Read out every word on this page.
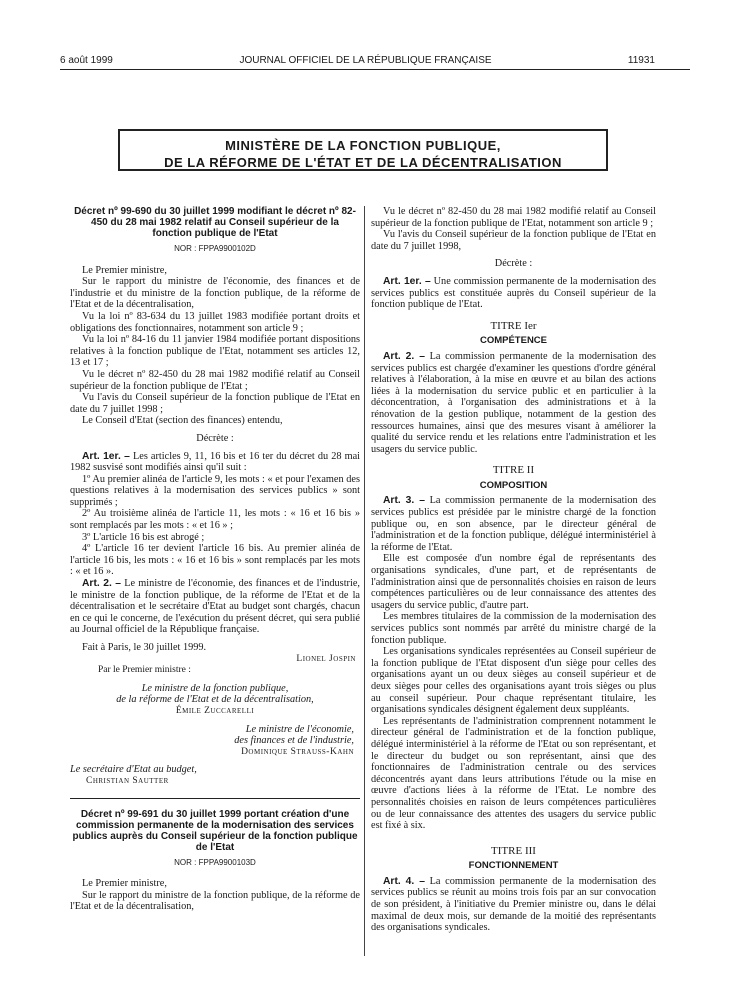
6 août 1999	JOURNAL OFFICIEL DE LA RÉPUBLIQUE FRANÇAISE	11931
MINISTÈRE DE LA FONCTION PUBLIQUE,
DE LA RÉFORME DE L'ÉTAT ET DE LA DÉCENTRALISATION
Décret nº 99-690 du 30 juillet 1999 modifiant le décret nº 82-450 du 28 mai 1982 relatif au Conseil supérieur de la fonction publique de l'Etat
NOR : FPPA9900102D

Le Premier ministre,

Sur le rapport du ministre de l'économie, des finances et de l'industrie et du ministre de la fonction publique, de la réforme de l'Etat et de la décentralisation,

Vu la loi nº 83-634 du 13 juillet 1983 modifiée portant droits et obligations des fonctionnaires, notamment son article 9 ;

Vu la loi nº 84-16 du 11 janvier 1984 modifiée portant dispositions relatives à la fonction publique de l'Etat, notamment ses articles 12, 13 et 17 ;

Vu le décret nº 82-450 du 28 mai 1982 modifié relatif au Conseil supérieur de la fonction publique de l'Etat ;

Vu l'avis du Conseil supérieur de la fonction publique de l'Etat en date du 7 juillet 1998 ;

Le Conseil d'Etat (section des finances) entendu,

Décrète :

Art. 1er. – Les articles 9, 11, 16 bis et 16 ter du décret du 28 mai 1982 susvisé sont modifiés ainsi qu'il suit :

1º Au premier alinéa de l'article 9, les mots : « et pour l'examen des questions relatives à la modernisation des services publics » sont supprimés ;

2º Au troisième alinéa de l'article 11, les mots : « 16 et 16 bis » sont remplacés par les mots : « et 16 » ;

3º L'article 16 bis est abrogé ;

4º L'article 16 ter devient l'article 16 bis. Au premier alinéa de l'article 16 bis, les mots : « 16 et 16 bis » sont remplacés par les mots : « et 16 ».

Art. 2. – Le ministre de l'économie, des finances et de l'industrie, le ministre de la fonction publique, de la réforme de l'Etat et de la décentralisation et le secrétaire d'Etat au budget sont chargés, chacun en ce qui le concerne, de l'exécution du présent décret, qui sera publié au Journal officiel de la République française.

Fait à Paris, le 30 juillet 1999.

Lionel Jospin

Par le Premier ministre :

Le ministre de la fonction publique,

de la réforme de l'Etat et de la décentralisation,

Émile Zuccarelli

Le ministre de l'économie,

des finances et de l'industrie,

Dominique Strauss-Kahn

Le secrétaire d'Etat au budget,

Christian Sautter

Décret nº 99-691 du 30 juillet 1999 portant création d'une commission permanente de la modernisation des services publics auprès du Conseil supérieur de la fonction publique de l'Etat
NOR : FPPA9900103D

Le Premier ministre,

Sur le rapport du ministre de la fonction publique, de la réforme de l'Etat et de la décentralisation,

Vu le décret nº 82-450 du 28 mai 1982 modifié relatif au Conseil supérieur de la fonction publique de l'Etat, notamment son article 9 ;

Vu l'avis du Conseil supérieur de la fonction publique de l'Etat en date du 7 juillet 1998,

Décrète :

Art. 1er. – Une commission permanente de la modernisation des services publics est constituée auprès du Conseil supérieur de la fonction publique de l'Etat.

TITRE Ier
COMPÉTENCE

Art. 2. – La commission permanente de la modernisation des services publics est chargée d'examiner les questions d'ordre général relatives à l'élaboration, à la mise en œuvre et au bilan des actions liées à la modernisation du service public et en particulier à la déconcentration, à l'organisation des administrations et à la rénovation de la gestion publique, notamment de la gestion des ressources humaines, ainsi que des mesures visant à améliorer la qualité du service rendu et les relations entre l'administration et les usagers du service public.

TITRE II
COMPOSITION

Art. 3. – La commission permanente de la modernisation des services publics est présidée par le ministre chargé de la fonction publique ou, en son absence, par le directeur général de l'administration et de la fonction publique, délégué interministériel à la réforme de l'Etat.

Elle est composée d'un nombre égal de représentants des organisations syndicales, d'une part, et de représentants de l'administration ainsi que de personnalités choisies en raison de leurs compétences particulières ou de leur connaissance des attentes des usagers du service public, d'autre part.

Les membres titulaires de la commission de la modernisation des services publics sont nommés par arrêté du ministre chargé de la fonction publique.

Les organisations syndicales représentées au Conseil supérieur de la fonction publique de l'Etat disposent d'un siège pour celles des organisations ayant un ou deux sièges au conseil supérieur et de deux sièges pour celles des organisations ayant trois sièges ou plus au conseil supérieur. Pour chaque représentant titulaire, les organisations syndicales désignent également deux suppléants.

Les représentants de l'administration comprennent notamment le directeur général de l'administration et de la fonction publique, délégué interministériel à la réforme de l'Etat ou son représentant, et le directeur du budget ou son représentant, ainsi que des fonctionnaires de l'administration centrale ou des services déconcentrés ayant dans leurs attributions l'étude ou la mise en œuvre d'actions liées à la réforme de l'Etat. Le nombre des personnalités choisies en raison de leurs compétences particulières ou de leur connaissance des attentes des usagers du service public est fixé à six.

TITRE III
FONCTIONNEMENT

Art. 4. – La commission permanente de la modernisation des services publics se réunit au moins trois fois par an sur convocation de son président, à l'initiative du Premier ministre ou, dans le délai maximal de deux mois, sur demande de la moitié des représentants des organisations syndicales.
